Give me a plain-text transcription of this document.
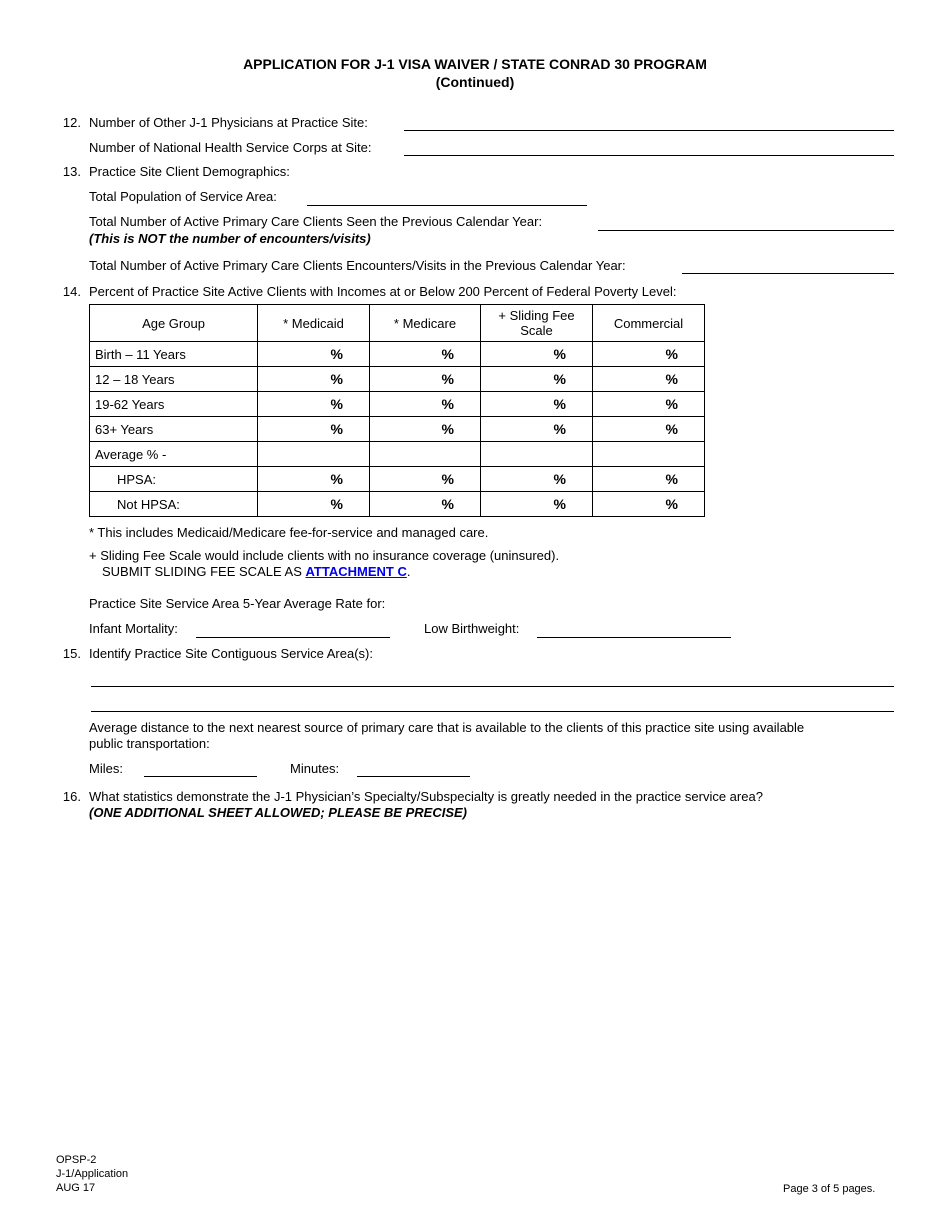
APPLICATION FOR J-1 VISA WAIVER / STATE CONRAD 30 PROGRAM
(Continued)
12. Number of Other J-1 Physicians at Practice Site:
Number of National Health Service Corps at Site:
13. Practice Site Client Demographics:
Total Population of Service Area:
Total Number of Active Primary Care Clients Seen the Previous Calendar Year:
(This is NOT the number of encounters/visits)
Total Number of Active Primary Care Clients Encounters/Visits in the Previous Calendar Year:
14. Percent of Practice Site Active Clients with Incomes at or Below 200 Percent of Federal Poverty Level:
Age Group	* Medicaid	* Medicare	+ Sliding Fee Scale	Commercial
Birth – 11 Years	%	%	%	%
12 – 18 Years	%	%	%	%
19-62 Years	%	%	%	%
63+ Years	%	%	%	%
Average % -				
HPSA:	%	%	%	%
Not HPSA:	%	%	%	%
* This includes Medicaid/Medicare fee-for-service and managed care.
+ Sliding Fee Scale would include clients with no insurance coverage (uninsured).
SUBMIT SLIDING FEE SCALE AS ATTACHMENT C.
Practice Site Service Area 5-Year Average Rate for:
Infant Mortality:	Low Birthweight:
15. Identify Practice Site Contiguous Service Area(s):
Average distance to the next nearest source of primary care that is available to the clients of this practice site using available
public transportation:
Miles:	Minutes:
16. What statistics demonstrate the J-1 Physician’s Specialty/Subspecialty is greatly needed in the practice service area?
(ONE ADDITIONAL SHEET ALLOWED; PLEASE BE PRECISE)
OPSP-2
J-1/Application
AUG 17	Page 3 of 5 pages.
